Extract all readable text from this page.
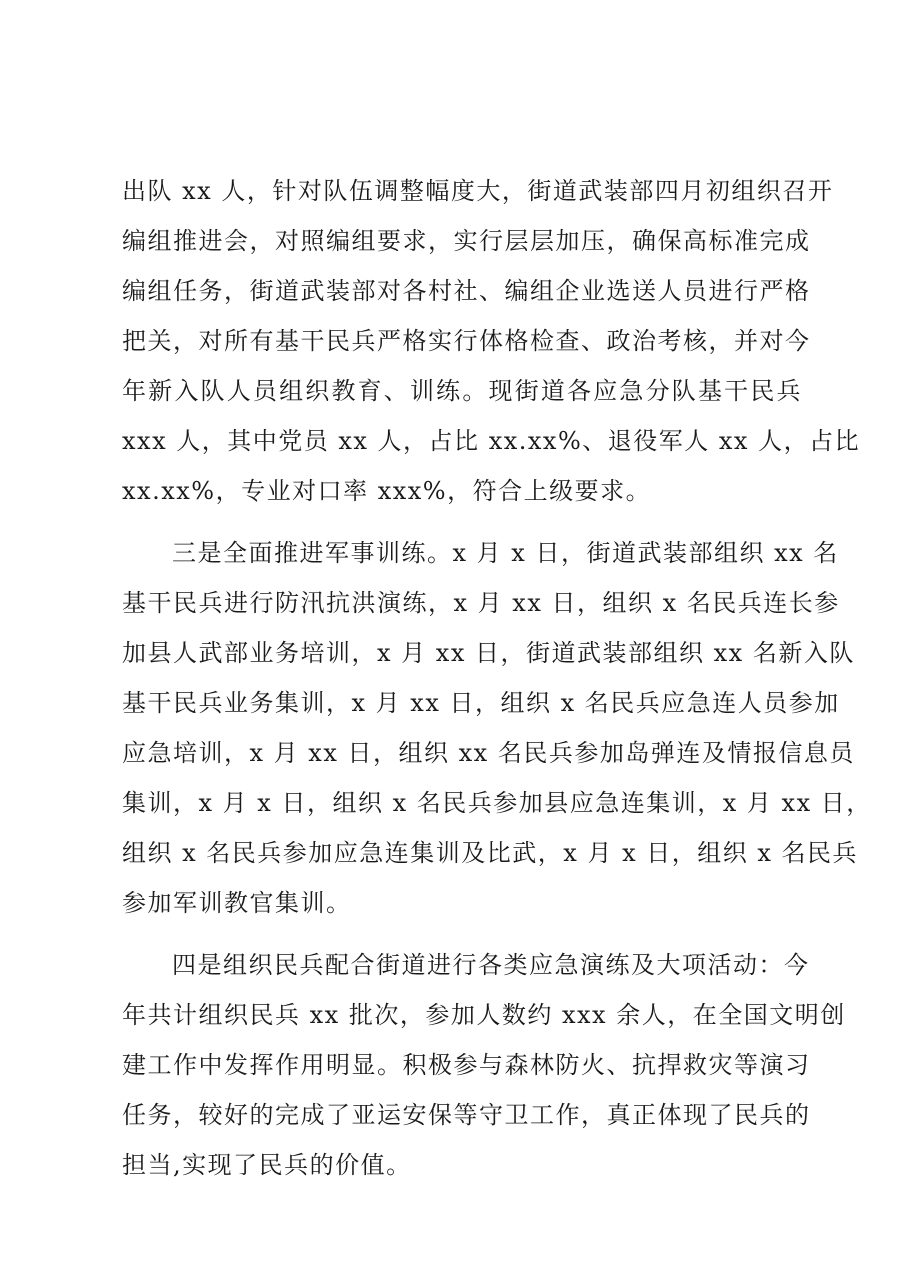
出队 xx 人，针对队伍调整幅度大，街道武装部四月初组织召开
编组推进会，对照编组要求，实行层层加压，确保高标准完成
编组任务，街道武装部对各村社、编组企业选送人员进行严格
把关，对所有基干民兵严格实行体格检查、政治考核，并对今
年新入队人员组织教育、训练。现街道各应急分队基干民兵
xxx 人，其中党员 xx 人，占比 xx.xx%、退役军人 xx 人，占比
xx.xx%，专业对口率 xxx%，符合上级要求。
三是全面推进军事训练。x 月 x 日，街道武装部组织 xx 名
基干民兵进行防汛抗洪演练，x 月 xx 日，组织 x 名民兵连长参
加县人武部业务培训，x 月 xx 日，街道武装部组织 xx 名新入队
基干民兵业务集训，x 月 xx 日，组织 x 名民兵应急连人员参加
应急培训，x 月 xx 日，组织 xx 名民兵参加岛弹连及情报信息员
集训，x 月 x 日，组织 x 名民兵参加县应急连集训，x 月 xx 日，
组织 x 名民兵参加应急连集训及比武，x 月 x 日，组织 x 名民兵
参加军训教官集训。
四是组织民兵配合街道进行各类应急演练及大项活动：今
年共计组织民兵 xx 批次，参加人数约 xxx 余人，在全国文明创
建工作中发挥作用明显。积极参与森林防火、抗捍救灾等演习
任务，较好的完成了亚运安保等守卫工作，真正体现了民兵的
担当,实现了民兵的价值。
